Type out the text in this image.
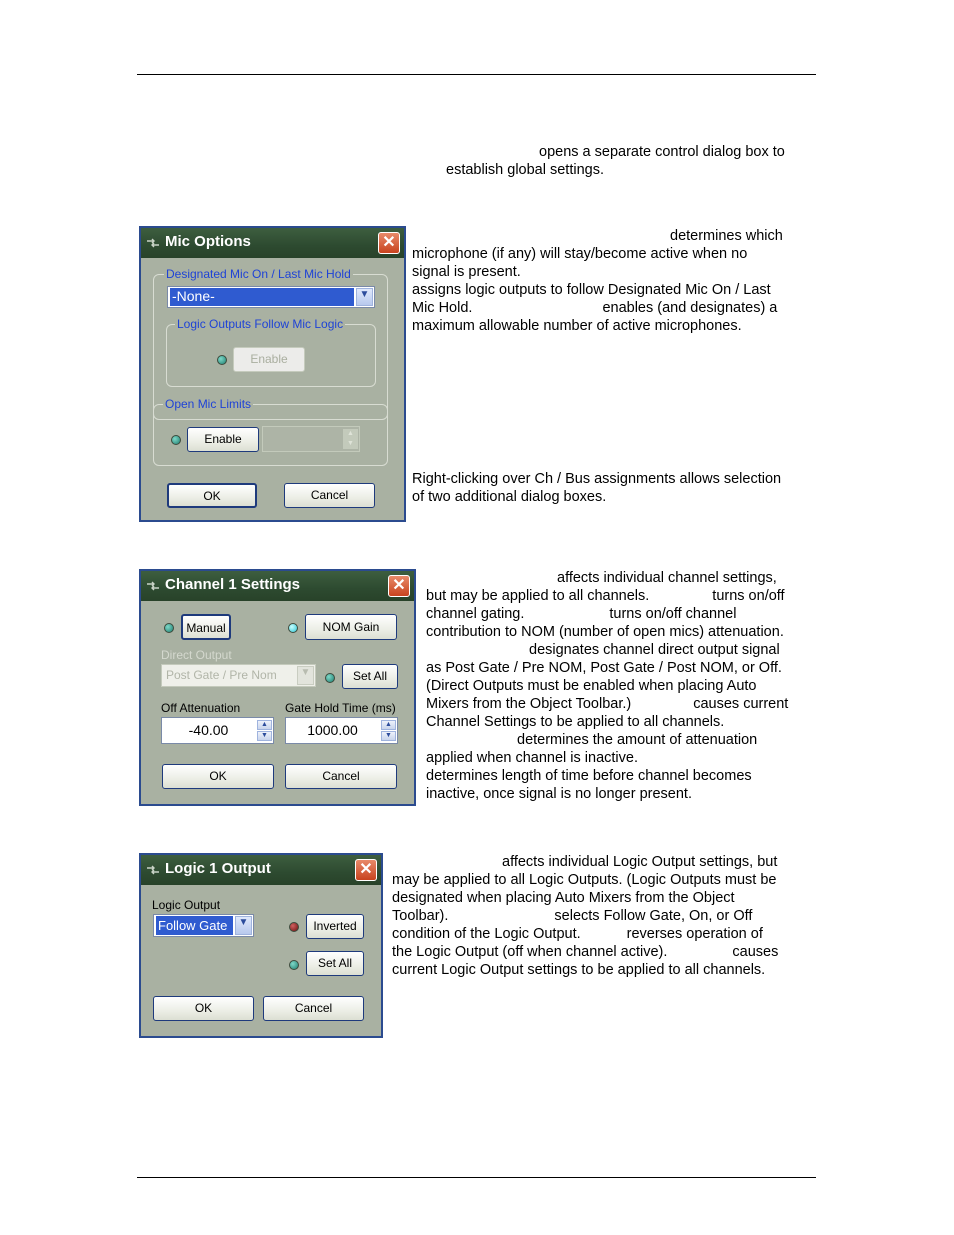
opens a separate control dialog box to
establish global settings.
determines which
microphone (if any) will stay/become active when no
signal is present.
assigns logic outputs to follow Designated Mic On / Last
Mic Hold.	enables (and designates) a
maximum allowable number of active microphones.
Right-clicking over Ch / Bus assignments allows selection
of two additional dialog boxes.
affects individual channel settings,
but may be applied to all channels.	turns on/off
channel gating.	turns on/off channel
contribution to NOM (number of open mics) attenuation.
designates channel direct output signal
as Post Gate / Pre NOM, Post Gate / Post NOM, or Off.
(Direct Outputs must be enabled when placing Auto
Mixers from the Object Toolbar.)	causes current
Channel Settings to be applied to all channels.
determines the amount of attenuation
applied when channel is inactive.
determines length of time before channel becomes
inactive, once signal is no longer present.
affects individual Logic Output settings, but
may be applied to all Logic Outputs. (Logic Outputs must be
designated when placing Auto Mixers from the Object
Toolbar).	selects Follow Gate, On, or Off
condition of the Logic Output.	reverses operation of
the Logic Output (off when channel active).	causes
current Logic Output settings to be applied to all channels.
Mic Options	✕
Designated Mic On / Last Mic Hold
-None-	▼
Logic Outputs Follow Mic Logic
Enable
Open Mic Limits
Enable	▲
▼
OK	Cancel
Channel 1 Settings	✕
Manual	NOM Gain
Direct Output
Post Gate / Pre Nom	▼	Set All
Off Attenuation	Gate Hold Time (ms)
-40.00	▲
▼	1000.00	▲
▼
OK	Cancel
Logic 1 Output	✕
Logic Output
Follow Gate	▼	Inverted
Set All
OK	Cancel
